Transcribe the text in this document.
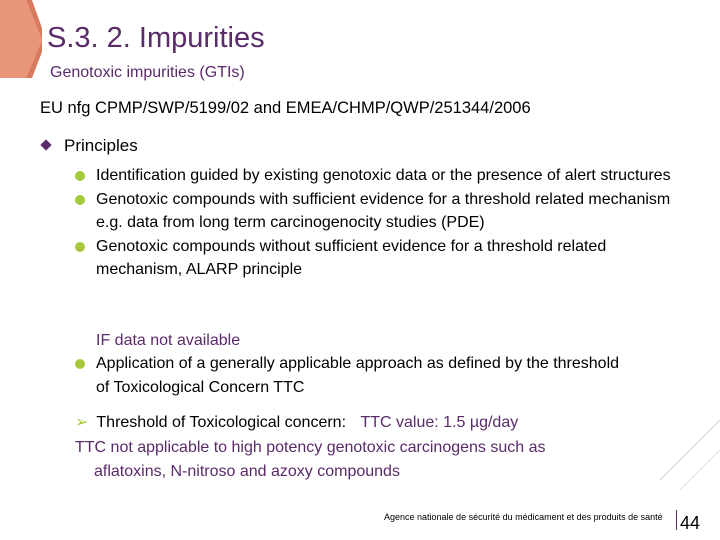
S.3. 2. Impurities
Genotoxic impurities (GTIs)
EU nfg CPMP/SWP/5199/02 and EMEA/CHMP/QWP/251344/2006
Principles
Identification guided by existing genotoxic data or the presence of alert structures
Genotoxic compounds with sufficient evidence for a threshold related mechanism e.g. data from long term carcinogenocity studies (PDE)
Genotoxic compounds without sufficient evidence for a threshold related mechanism, ALARP principle
IF data not available
Application of a generally applicable approach as defined by the threshold of Toxicological Concern TTC
➢ Threshold of Toxicological concern: TTC value: 1.5 µg/day
TTC not applicable to high potency genotoxic carcinogens such as
aflatoxins, N-nitroso and azoxy compounds
Agence nationale de sécurité du médicament et des produits de santé 44
